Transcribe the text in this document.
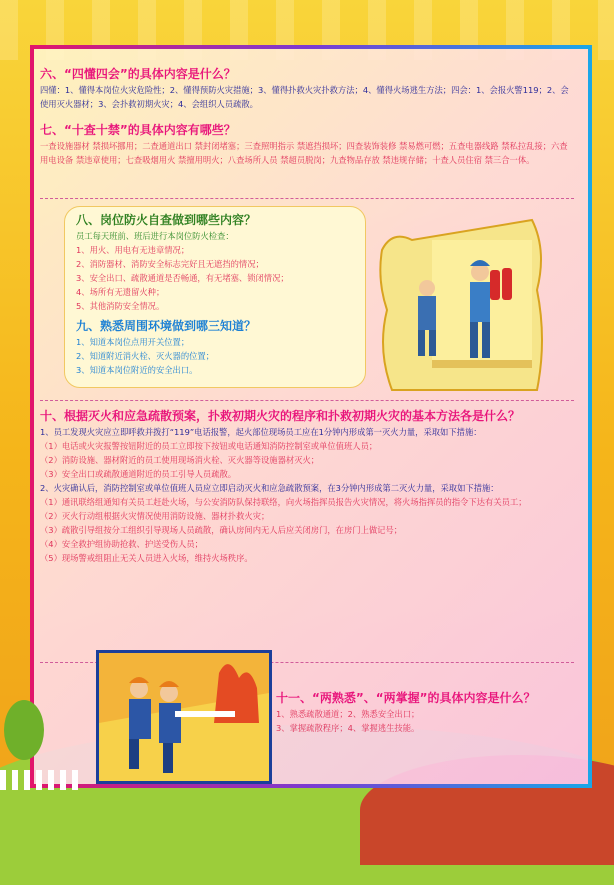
六、“四懂四会”的具体内容是什么？

四懂：1、懂得本岗位火灾危险性；2、懂得预防火灾措施；3、懂得扑救火灾扑救方法；4、懂得火场逃生方法；四会：1、会报火警119；2、会使用灭火器材；3、会扑救初期火灾；4、会组织人员疏散。

七、“十查十禁”的具体内容有哪些？

一查设施器材 禁损坏挪用；二查通道出口 禁封闭堵塞；三查照明指示 禁遮挡损坏；四查装饰装修 禁易燃可燃；五查电器线路 禁私拉乱接；六查用电设备 禁违章使用；七查吸烟用火 禁擅用明火；八查场所人员 禁超员脱岗；九查物品存放 禁违规存储；十查人员住宿 禁三合一体。

八、岗位防火自查做到哪些内容？

员工每天班前、班后进行本岗位防火检查：

1、用火、用电有无违章情况；

2、消防器材、消防安全标志完好且无遮挡的情况；

3、安全出口、疏散通道是否畅通，有无堵塞、锁闭情况；

4、场所有无遗留火种；

5、其他消防安全情况。

九、熟悉周围环境做到哪三知道？

1、知道本岗位点用开关位置；

2、知道附近消火栓、灭火器的位置；

3、知道本岗位附近的安全出口。

十、根据灭火和应急疏散预案，扑救初期火灾的程序和扑救初期火灾的基本方法各是什么？

1、员工发现火灾应立即呼救并拨打“119”电话报警，起火部位现场员工应在1分钟内形成第一灭火力量，采取如下措施：

（1）电话或火灾报警按钮附近的员工立即按下按钮或电话通知消防控制室或单位值班人员；

（2）消防设施、器材附近的员工使用现场消火栓、灭火器等设施器材灭火；

（3）安全出口或疏散通道附近的员工引导人员疏散。

2、火灾确认后，消防控制室或单位值班人员应立即启动灭火和应急疏散预案，在3分钟内形成第二灭火力量，采取如下措施：

（1）通讯联络组通知有关员工赶赴火场，与公安消防队保持联络，向火场指挥员报告火灾情况，将火场指挥员的指令下达有关员工；

（2）灭火行动组根据火灾情况使用消防设施、器材扑救火灾；

（3）疏散引导组按分工组织引导现场人员疏散，确认房间内无人后应关闭房门，在房门上做记号；

（4）安全救护组协助抢救、护送受伤人员；

（5）现场警戒组阻止无关人员进入火场，维持火场秩序。

十一、“两熟悉”、“两掌握”的具体内容是什么？

1、熟悉疏散通道；2、熟悉安全出口；

3、掌握疏散程序；4、掌握逃生技能。
